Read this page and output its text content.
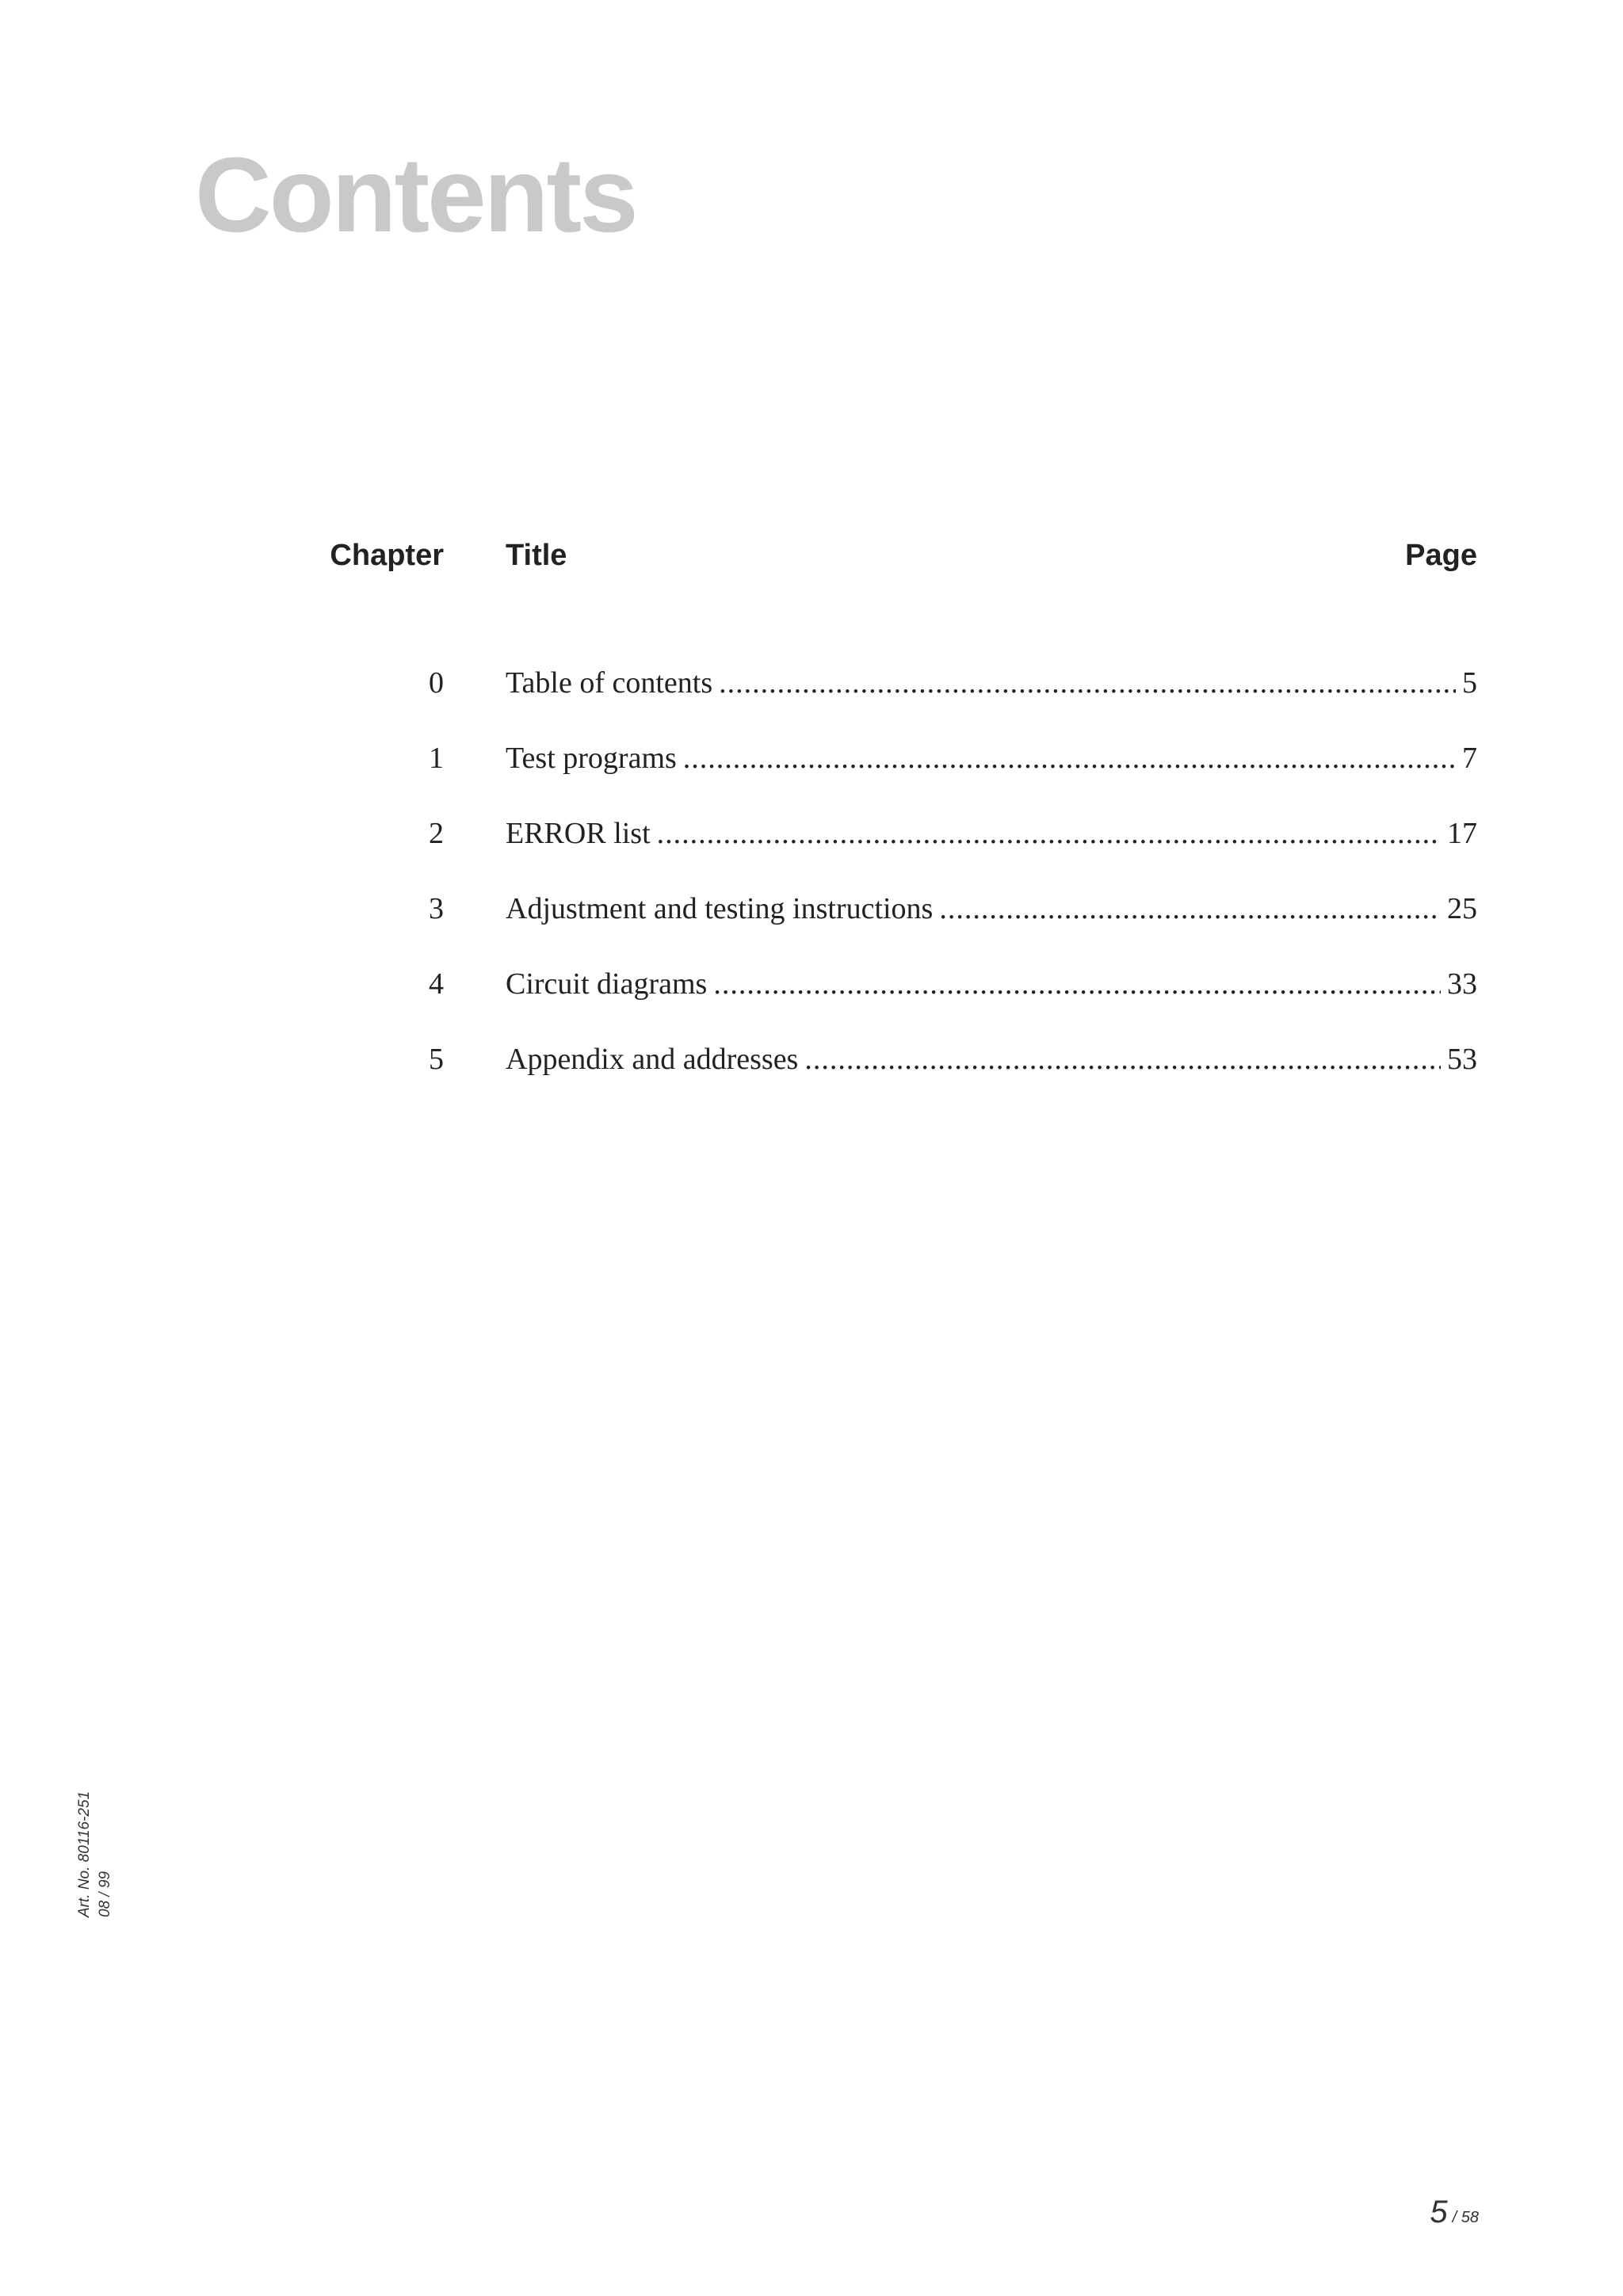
Contents
Chapter Title	Page
0 Table of contents .....	5
1 Test programs .....	7
2 ERROR list .....	17
3 Adjustment and testing instructions .....	25
4 Circuit diagrams .....	33
5 Appendix and addresses .....	53
Art. No. 80116-251 08 / 99
5 / 58
